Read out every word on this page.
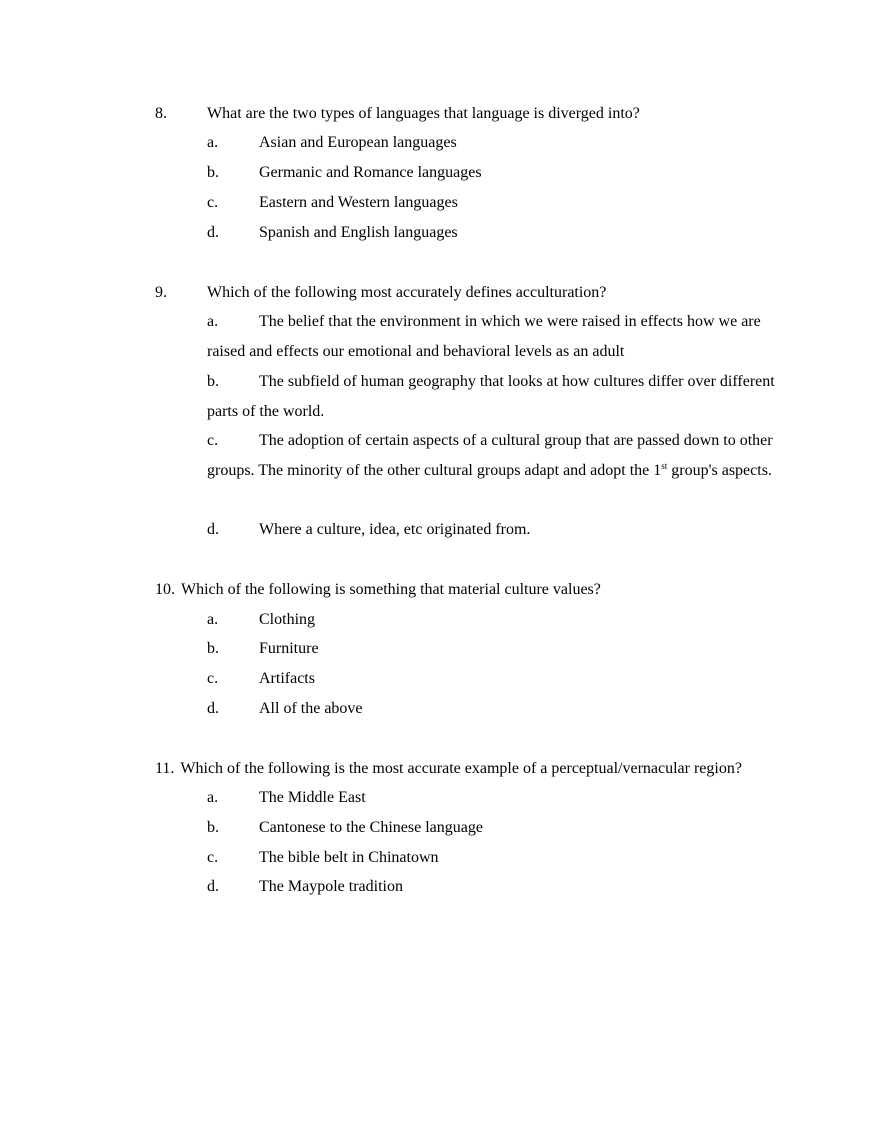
8.	What are the two types of languages that language is diverged into?
a.	Asian and European languages
b.	Germanic and Romance languages
c.	Eastern and Western languages
d.	Spanish and English languages
9.	Which of the following most accurately defines acculturation?
a.	The belief that the environment in which we were raised in effects how we are raised and effects our emotional and behavioral levels as an adult
b.	The subfield of human geography that looks at how cultures differ over different parts of the world.
c.	The adoption of certain aspects of a cultural group that are passed down to other groups. The minority of the other cultural groups adapt and adopt the 1st group's aspects.
d.	Where a culture, idea, etc originated from.
10. Which of the following is something that material culture values?
a.	Clothing
b.	Furniture
c.	Artifacts
d.	All of the above
11. Which of the following is the most accurate example of a perceptual/vernacular region?
a.	The Middle East
b.	Cantonese to the Chinese language
c.	The bible belt in Chinatown
d.	The Maypole tradition
